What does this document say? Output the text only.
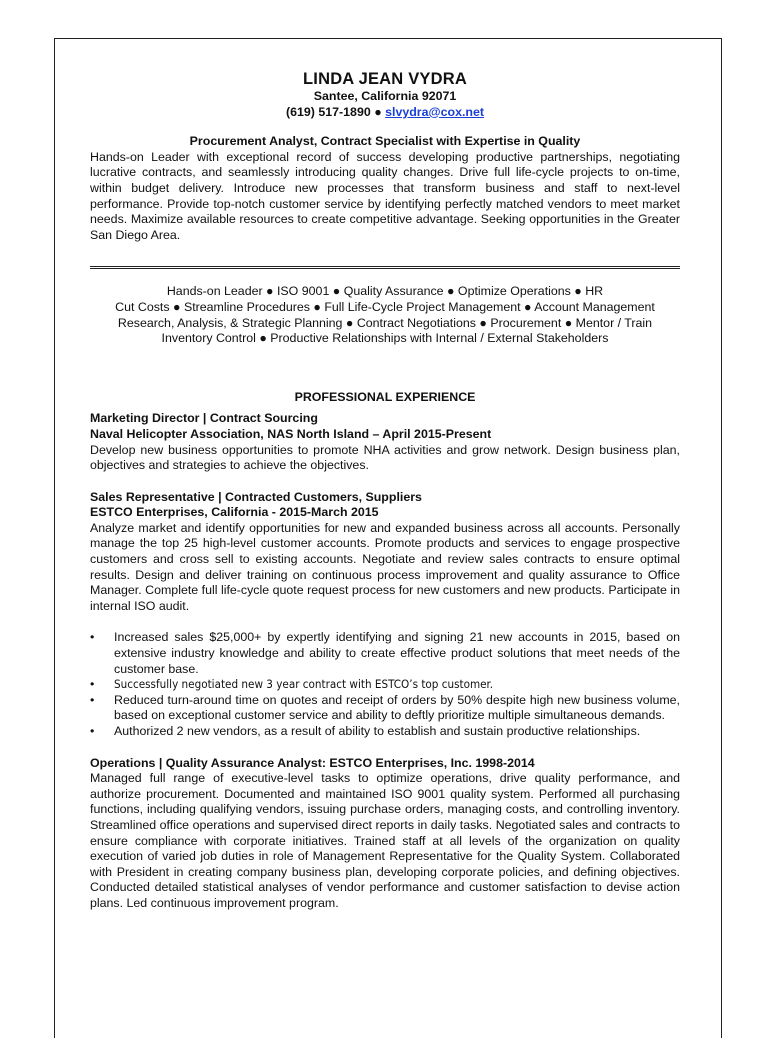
LINDA JEAN VYDRA

Santee, California 92071

(619) 517-1890 ● slvydra@cox.net

Procurement Analyst, Contract Specialist with Expertise in Quality

Hands-on Leader with exceptional record of success developing productive partnerships, negotiating lucrative contracts, and seamlessly introducing quality changes. Drive full life-cycle projects to on-time, within budget delivery. Introduce new processes that transform business and staff to next-level performance. Provide top-notch customer service by identifying perfectly matched vendors to meet market needs. Maximize available resources to create competitive advantage. Seeking opportunities in the Greater San Diego Area.

Hands-on Leader ● ISO 9001 ● Quality Assurance ● Optimize Operations ● HR

Cut Costs ● Streamline Procedures ● Full Life-Cycle Project Management ● Account Management

Research, Analysis, & Strategic Planning ● Contract Negotiations ● Procurement ● Mentor / Train

Inventory Control ● Productive Relationships with Internal / External Stakeholders

PROFESSIONAL EXPERIENCE

Marketing Director | Contract Sourcing

Naval Helicopter Association, NAS North Island – April 2015-Present

Develop new business opportunities to promote NHA activities and grow network. Design business plan, objectives and strategies to achieve the objectives.

Sales Representative | Contracted Customers, Suppliers

ESTCO Enterprises, California - 2015-March 2015

Analyze market and identify opportunities for new and expanded business across all accounts. Personally manage the top 25 high-level customer accounts. Promote products and services to engage prospective customers and cross sell to existing accounts. Negotiate and review sales contracts to ensure optimal results. Design and deliver training on continuous process improvement and quality assurance to Office Manager. Complete full life-cycle quote request process for new customers and new products. Participate in internal ISO audit.

• Increased sales $25,000+ by expertly identifying and signing 21 new accounts in 2015, based on extensive industry knowledge and ability to create effective product solutions that meet needs of the customer base.
• Successfully negotiated new 3 year contract with ESTCO’s top customer.
• Reduced turn-around time on quotes and receipt of orders by 50% despite high new business volume, based on exceptional customer service and ability to deftly prioritize multiple simultaneous demands.
• Authorized 2 new vendors, as a result of ability to establish and sustain productive relationships.

Operations | Quality Assurance Analyst: ESTCO Enterprises, Inc. 1998-2014

Managed full range of executive-level tasks to optimize operations, drive quality performance, and authorize procurement. Documented and maintained ISO 9001 quality system. Performed all purchasing functions, including qualifying vendors, issuing purchase orders, managing costs, and controlling inventory. Streamlined office operations and supervised direct reports in daily tasks. Negotiated sales and contracts to ensure compliance with corporate initiatives. Trained staff at all levels of the organization on quality execution of varied job duties in role of Management Representative for the Quality System. Collaborated with President in creating company business plan, developing corporate policies, and defining objectives. Conducted detailed statistical analyses of vendor performance and customer satisfaction to devise action plans. Led continuous improvement program.
